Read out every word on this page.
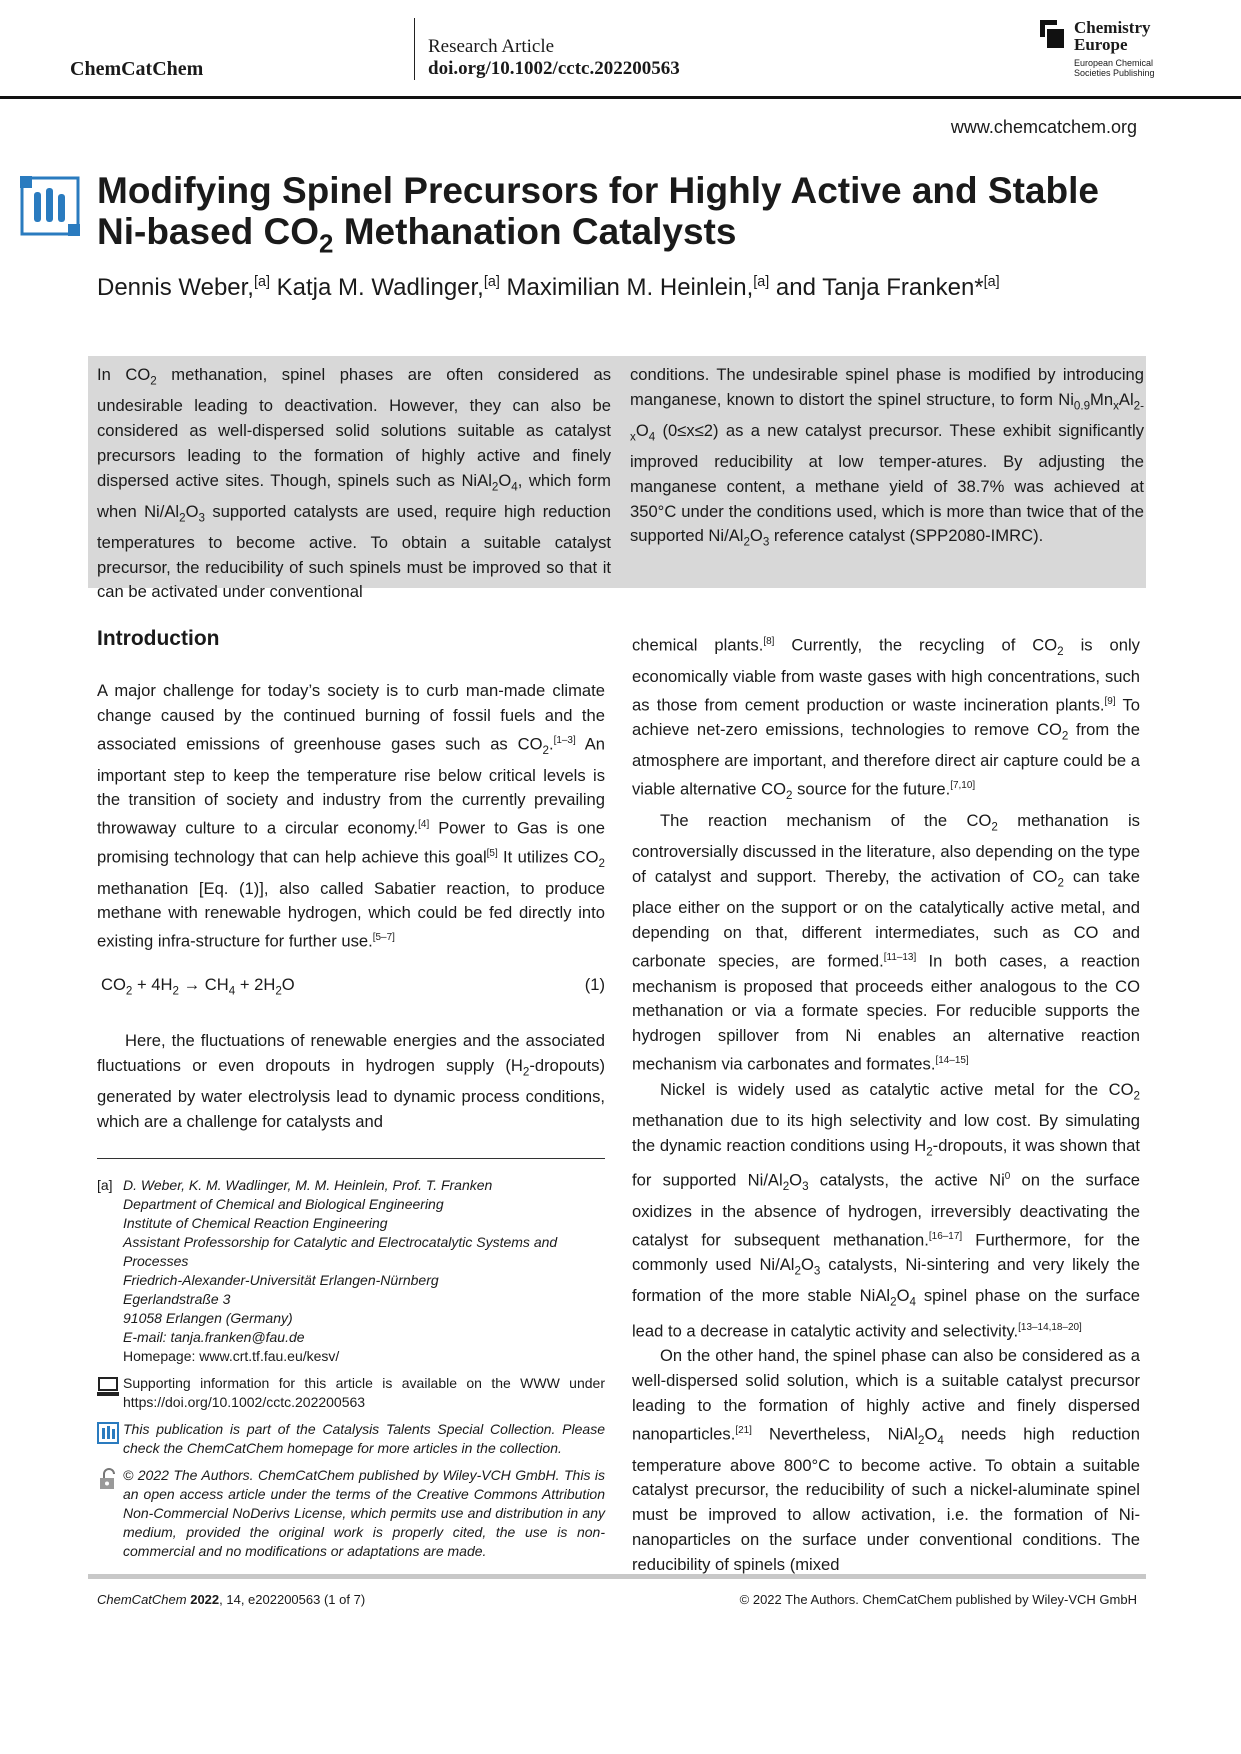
ChemCatChem
Research Article
doi.org/10.1002/cctc.202200563
Chemistry
Europe
European Chemical
Societies Publishing
www.chemcatchem.org
Modifying Spinel Precursors for Highly Active and Stable
Ni-based $CO_2$ Methanation Catalysts
Dennis Weber,[a] Katja M. Wadlinger,[a] Maximilian M. Heinlein,[a] and Tanja Franken*[a]
In $CO_2$ methanation, spinel phases are often considered as undesirable leading to deactivation. However, they can also be considered as well-dispersed solid solutions suitable as catalyst precursors leading to the formation of highly active and finely dispersed active sites. Though, spinels such as $NiAl_2O_4$, which form when $Ni/Al_2O_3$ supported catalysts are used, require high reduction temperatures to become active. To obtain a suitable catalyst precursor, the reducibility of such spinels must be improved so that it can be activated under conventional
conditions. The undesirable spinel phase is modified by introducing manganese, known to distort the spinel structure, to form $Ni_{0.9}Mn_xAl_{2-x}O_4$ (0≤x≤2) as a new catalyst precursor. These exhibit significantly improved reducibility at low temper-atures. By adjusting the manganese content, a methane yield of 38.7% was achieved at 350°C under the conditions used, which is more than twice that of the supported $Ni/Al_2O_3$ reference catalyst (SPP2080-IMRC).
Introduction

A major challenge for today’s society is to curb man-made climate change caused by the continued burning of fossil fuels and the associated emissions of greenhouse gases such as $CO_2.[1-3]$ An important step to keep the temperature rise below critical levels is the transition of society and industry from the currently prevailing throwaway culture to a circular economy.[4] Power to Gas is one promising technology that can help achieve this goal[5] It utilizes $CO_2$ methanation [Eq. (1)], also called Sabatier reaction, to produce methane with renewable hydrogen, which could be fed directly into existing infra-structure for further use.[5–7]

$CO_2 + 4H_2 \to CH_4 + 2H_2O$	(1)

Here, the fluctuations of renewable energies and the associated fluctuations or even dropouts in hydrogen supply $(H_2-dropouts)$ generated by water electrolysis lead to dynamic process conditions, which are a challenge for catalysts and

chemical plants.[8] Currently, the recycling of $CO_2$ is only economically viable from waste gases with high concentrations, such as those from cement production or waste incineration plants.[9] To achieve net-zero emissions, technologies to remove $CO_2$ from the atmosphere are important, and therefore direct air capture could be a viable alternative $CO_2$ source for the future.[7,10]

The reaction mechanism of the $CO_2$ methanation is controversially discussed in the literature, also depending on the type of catalyst and support. Thereby, the activation of $CO_2$ can take place either on the support or on the catalytically active metal, and depending on that, different intermediates, such as CO and carbonate species, are formed.[11–13] In both cases, a reaction mechanism is proposed that proceeds either analogous to the CO methanation or via a formate species. For reducible supports the hydrogen spillover from Ni enables an alternative reaction mechanism via carbonates and formates.[14–15]

Nickel is widely used as catalytic active metal for the $CO_2$ methanation due to its high selectivity and low cost. By simulating the dynamic reaction conditions using $H_2$-dropouts, it was shown that for supported $Ni/Al_2O_3$ catalysts, the active Ni$^0$ on the surface oxidizes in the absence of hydrogen, irreversibly deactivating the catalyst for subsequent methanation.[16–17] Furthermore, for the commonly used $Ni/Al_2O_3$ catalysts, Ni-sintering and very likely the formation of the more stable $NiAl_2O_4$ spinel phase on the surface lead to a decrease in catalytic activity and selectivity.[13–14,18–20]

On the other hand, the spinel phase can also be considered as a well-dispersed solid solution, which is a suitable catalyst precursor leading to the formation of highly active and finely dispersed nanoparticles.[21] Nevertheless, $NiAl_2O_4$ needs high reduction temperature above 800°C to become active. To obtain a suitable catalyst precursor, the reducibility of such a nickel-aluminate spinel must be improved to allow activation, i.e. the formation of Ni-nanoparticles on the surface under conventional conditions. The reducibility of spinels (mixed

[a] D. Weber, K. M. Wadlinger, M. M. Heinlein, Prof. T. Franken
Department of Chemical and Biological Engineering
Institute of Chemical Reaction Engineering
Assistant Professorship for Catalytic and Electrocatalytic Systems and
Processes
Friedrich-Alexander-Universität Erlangen-Nürnberg
Egerlandstraße 3
91058 Erlangen (Germany)
E-mail: tanja.franken@fau.de
Homepage: www.crt.tf.fau.eu/kesv/
Supporting information for this article is available on the WWW under https://doi.org/10.1002/cctc.202200563
This publication is part of the Catalysis Talents Special Collection. Please check the ChemCatChem homepage for more articles in the collection.
© 2022 The Authors. ChemCatChem published by Wiley-VCH GmbH. This is an open access article under the terms of the Creative Commons Attribution Non-Commercial NoDerivs License, which permits use and distribution in any medium, provided the original work is properly cited, the use is non-commercial and no modifications or adaptations are made.
ChemCatChem 2022, 14, e202200563 (1 of 7)	© 2022 The Authors. ChemCatChem published by Wiley-VCH GmbH
